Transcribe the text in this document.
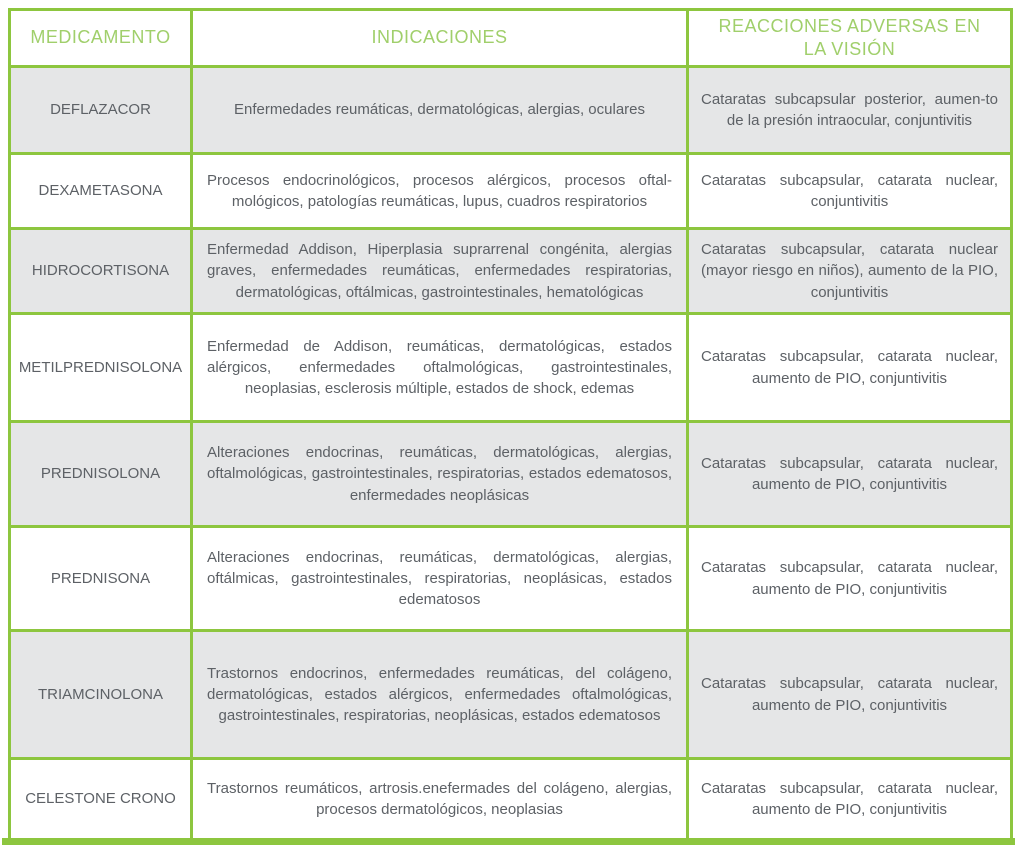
MEDICAMENTO	INDICACIONES	REACCIONES ADVERSAS EN LA VISIÓN
DEFLAZACOR	Enfermedades reumáticas, dermatológicas, alergias, oculares	Cataratas subcapsular posterior, aumen-to de la presión intraocular, conjuntivitis
DEXAMETASONA	Procesos endocrinológicos, procesos alérgicos, procesos oftal-mológicos, patologías reumáticas, lupus, cuadros respiratorios	Cataratas subcapsular, catarata nuclear, conjuntivitis
HIDROCORTISONA	Enfermedad Addison, Hiperplasia suprarrenal congénita, alergias graves, enfermedades reumáticas, enfermedades respiratorias, dermatológicas, oftálmicas, gastrointestinales, hematológicas	Cataratas subcapsular, catarata nuclear (mayor riesgo en niños), aumento de la PIO, conjuntivitis
METILPREDNISOLONA	Enfermedad de Addison, reumáticas, dermatológicas, estados alérgicos, enfermedades oftalmológicas, gastrointestinales, neoplasias, esclerosis múltiple, estados de shock, edemas	Cataratas subcapsular, catarata nuclear, aumento de PIO, conjuntivitis
PREDNISOLONA	Alteraciones endocrinas, reumáticas, dermatológicas, alergias, oftalmológicas, gastrointestinales, respiratorias, estados edematosos, enfermedades neoplásicas	Cataratas subcapsular, catarata nuclear, aumento de PIO, conjuntivitis
PREDNISONA	Alteraciones endocrinas, reumáticas, dermatológicas, alergias, oftálmicas, gastrointestinales, respiratorias, neoplásicas, estados edematosos	Cataratas subcapsular, catarata nuclear, aumento de PIO, conjuntivitis
TRIAMCINOLONA	Trastornos endocrinos, enfermedades reumáticas, del colágeno, dermatológicas, estados alérgicos, enfermedades oftalmológicas, gastrointestinales, respiratorias, neoplásicas, estados edematosos	Cataratas subcapsular, catarata nuclear, aumento de PIO, conjuntivitis
CELESTONE CRONO	Trastornos reumáticos, artrosis.enefermades del colágeno, alergias, procesos dermatológicos, neoplasias	Cataratas subcapsular, catarata nuclear, aumento de PIO, conjuntivitis
